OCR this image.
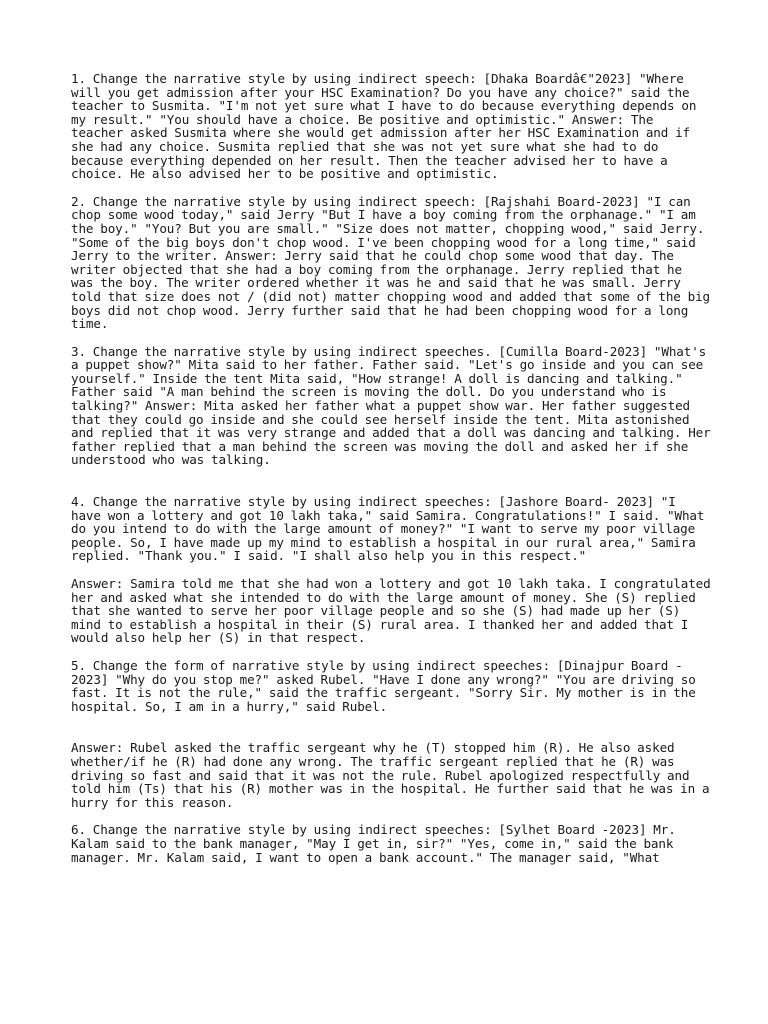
1. Change the narrative style by using indirect speech: [Dhaka Boardâ€"2023] "Where will you get admission after your HSC Examination? Do you have any choice?" said the teacher to Susmita. "I'm not yet sure what I have to do because everything depends on my result." "You should have a choice. Be positive and optimistic." Answer: The teacher asked Susmita where she would get admission after her HSC Examination and if she had any choice. Susmita replied that she was not yet sure what she had to do because everything depended on her result. Then the teacher advised her to have a choice. He also advised her to be positive and optimistic.

2. Change the narrative style by using indirect speech: [Rajshahi Board-2023] "I can chop some wood today," said Jerry "But I have a boy coming from the orphanage." "I am the boy." "You? But you are small." "Size does not matter, chopping wood," said Jerry. "Some of the big boys don't chop wood. I've been chopping wood for a long time," said Jerry to the writer. Answer: Jerry said that he could chop some wood that day. The writer objected that she had a boy coming from the orphanage. Jerry replied that he was the boy. The writer ordered whether it was he and said that he was small. Jerry told that size does not / (did not) matter chopping wood and added that some of the big boys did not chop wood. Jerry further said that he had been chopping wood for a long time.

3. Change the narrative style by using indirect speeches. [Cumilla Board-2023] "What's a puppet show?" Mita said to her father. Father said. "Let's go inside and you can see yourself." Inside the tent Mita said, "How strange! A doll is dancing and talking." Father said "A man behind the screen is moving the doll. Do you understand who is talking?" Answer: Mita asked her father what a puppet show war. Her father suggested that they could go inside and she could see herself inside the tent. Mita astonished and replied that it was very strange and added that a doll was dancing and talking. Her father replied that a man behind the screen was moving the doll and asked her if she understood who was talking.

4. Change the narrative style by using indirect speeches: [Jashore Board- 2023] "I have won a lottery and got 10 lakh taka," said Samira. Congratulations!" I said. "What do you intend to do with the large amount of money?" "I want to serve my poor village people. So, I have made up my mind to establish a hospital in our rural area," Samira replied. "Thank you." I said. "I shall also help you in this respect."

Answer: Samira told me that she had won a lottery and got 10 lakh taka. I congratulated her and asked what she intended to do with the large amount of money. She (S) replied that she wanted to serve her poor village people and so she (S) had made up her (S) mind to establish a hospital in their (S) rural area. I thanked her and added that I would also help her (S) in that respect.

5. Change the form of narrative style by using indirect speeches: [Dinajpur Board - 2023] "Why do you stop me?" asked Rubel. "Have I done any wrong?" "You are driving so fast. It is not the rule," said the traffic sergeant. "Sorry Sir. My mother is in the hospital. So, I am in a hurry," said Rubel.

Answer: Rubel asked the traffic sergeant why he (T) stopped him (R). He also asked whether/if he (R) had done any wrong. The traffic sergeant replied that he (R) was driving so fast and said that it was not the rule. Rubel apologized respectfully and told him (Ts) that his (R) mother was in the hospital. He further said that he was in a hurry for this reason.

6. Change the narrative style by using indirect speeches: [Sylhet Board -2023] Mr. Kalam said to the bank manager, "May I get in, sir?" "Yes, come in," said the bank manager. Mr. Kalam said, I want to open a bank account." The manager said, "What
